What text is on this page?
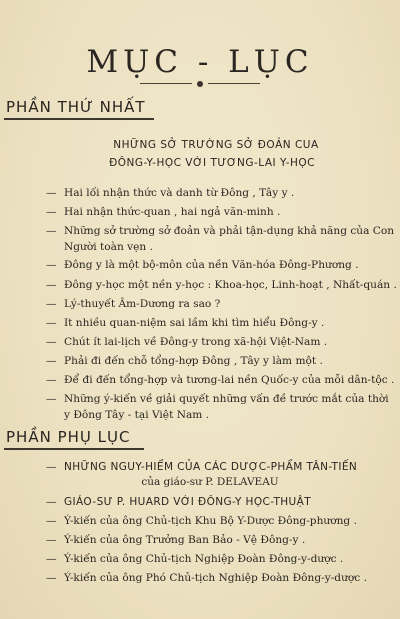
MỤC - LỤC
PHẦN THỨ NHẤT
NHỮNG SỞ TRƯỜNG SỞ ĐOẢN CUA
ĐÔNG-Y-HỌC VỚI TƯƠNG-LAI Y-HỌC
— Hai lối nhận thức và danh từ Đông , Tây y .
— Hai nhận thức-quan , hai ngả văn-minh .
— Những sở trường sở đoản và phải tận-dụng khả năng của Con
Người toàn vẹn .
— Đông y là một bộ-môn của nền Văn-hóa Đông-Phương .
— Đông y-học một nền y-học : Khoa-học, Linh-hoạt , Nhất-quán .
— Lý-thuyết Âm-Dương ra sao ?
— It nhiều quan-niệm sai lầm khi tìm hiểu Đông-y .
— Chút ít lai-lịch về Đông-y trong xã-hội Việt-Nam .
— Phải đi đến chỗ tổng-hợp Đông , Tây y làm một .
— Để đi đến tổng-hợp và tương-lai nền Quốc-y của mỗi dân-tộc .
— Những ý-kiến về giải quyết những vấn đề trước mắt của thời
y Đông Tây - tại Việt Nam .
PHẦN PHỤ LỤC
— NHỮNG NGUY-HIỂM CỦA CÁC DƯỢC-PHẨM TÂN-TIẾN
của giáo-sư P. DELAVEAU
— GIÁO-SƯ P. HUARD VỚI ĐÔNG-Y HỌC-THUẬT
— Ý-kiến của ông Chủ-tịch Khu Bộ Y-Dược Đông-phương .
— Ý-kiến của ông Trưởng Ban Bảo - Vệ Đông-y .
— Ý-kiến của ông Chủ-tịch Nghiệp Đoàn Đông-y-dược .
— Ý-kiến của ông Phó Chủ-tịch Nghiệp Đoàn Đông-y-dược .
